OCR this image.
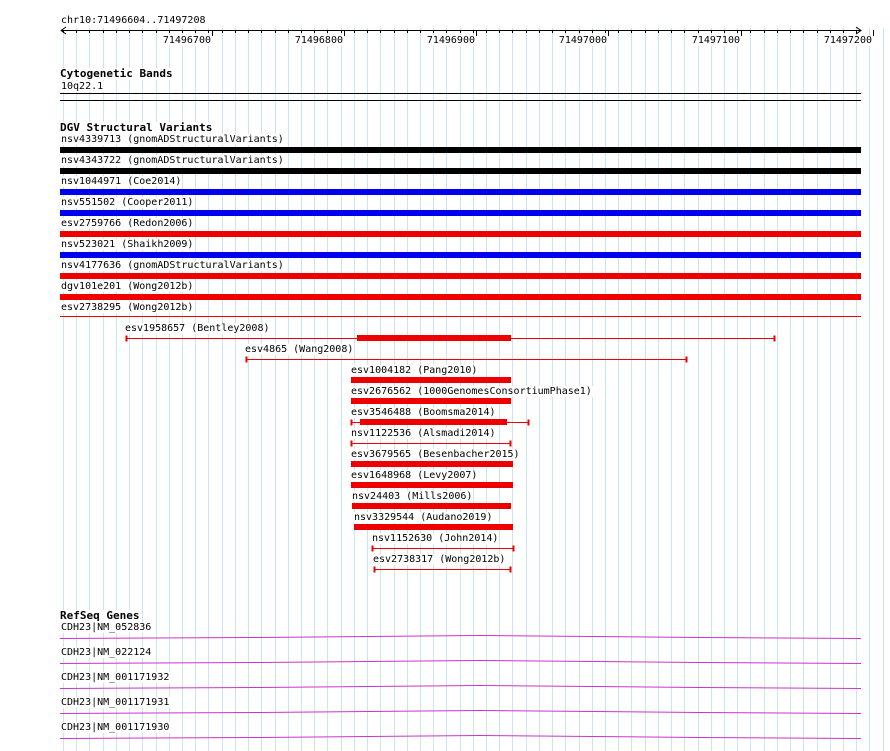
chr10:71496604..71497208
71496700	71496800	71496900	71497000	71497100	71497200
Cytogenetic Bands
10q22.1
DGV Structural Variants
nsv4339713 (gnomADStructuralVariants)
nsv4343722 (gnomADStructuralVariants)
nsv1044971 (Coe2014)
nsv551502 (Cooper2011)
esv2759766 (Redon2006)
nsv523021 (Shaikh2009)
nsv4177636 (gnomADStructuralVariants)
dgv101e201 (Wong2012b)
esv2738295 (Wong2012b)
esv1958657 (Bentley2008)
esv4865 (Wang2008)
esv1004182 (Pang2010)
esv2676562 (1000GenomesConsortiumPhase1)
esv3546488 (Boomsma2014)
nsv1122536 (Alsmadi2014)
esv3679565 (Besenbacher2015)
esv1648968 (Levy2007)
nsv24403 (Mills2006)
nsv3329544 (Audano2019)
nsv1152630 (John2014)
esv2738317 (Wong2012b)
RefSeq Genes
CDH23|NM_052836
CDH23|NM_022124
CDH23|NM_001171932
CDH23|NM_001171931
CDH23|NM_001171930
